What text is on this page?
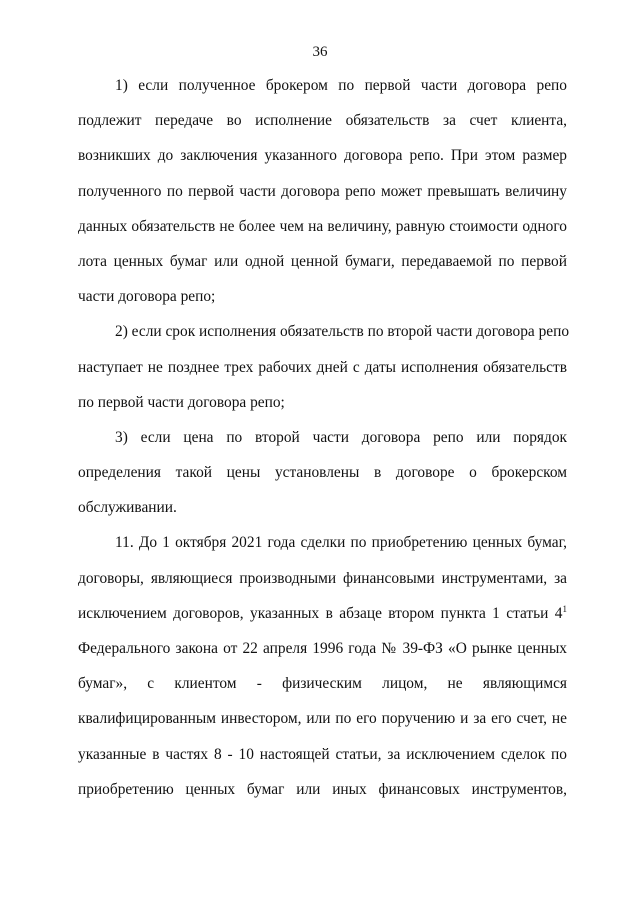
36
1) если полученное брокером по первой части договора репо
подлежит передаче во исполнение обязательств за счет клиента,
возникших до заключения указанного договора репо. При этом размер
полученного по первой части договора репо может превышать величину
данных обязательств не более чем на величину, равную стоимости одного
лота ценных бумаг или одной ценной бумаги, передаваемой по первой
части договора репо;
2) если срок исполнения обязательств по второй части договора репо
наступает не позднее трех рабочих дней с даты исполнения обязательств
по первой части договора репо;
3) если цена по второй части договора репо или порядок
определения такой цены установлены в договоре о брокерском
обслуживании.
11. До 1 октября 2021 года сделки по приобретению ценных бумаг,
договоры, являющиеся производными финансовыми инструментами, за
исключением договоров, указанных в абзаце втором пункта 1 статьи $4^1$
Федерального закона от 22 апреля 1996 года № 39-ФЗ «О рынке ценных
бумаг», с клиентом - физическим лицом, не являющимся
квалифицированным инвестором, или по его поручению и за его счет, не
указанные в частях 8 - 10 настоящей статьи, за исключением сделок по
приобретению ценных бумаг или иных финансовых инструментов,
